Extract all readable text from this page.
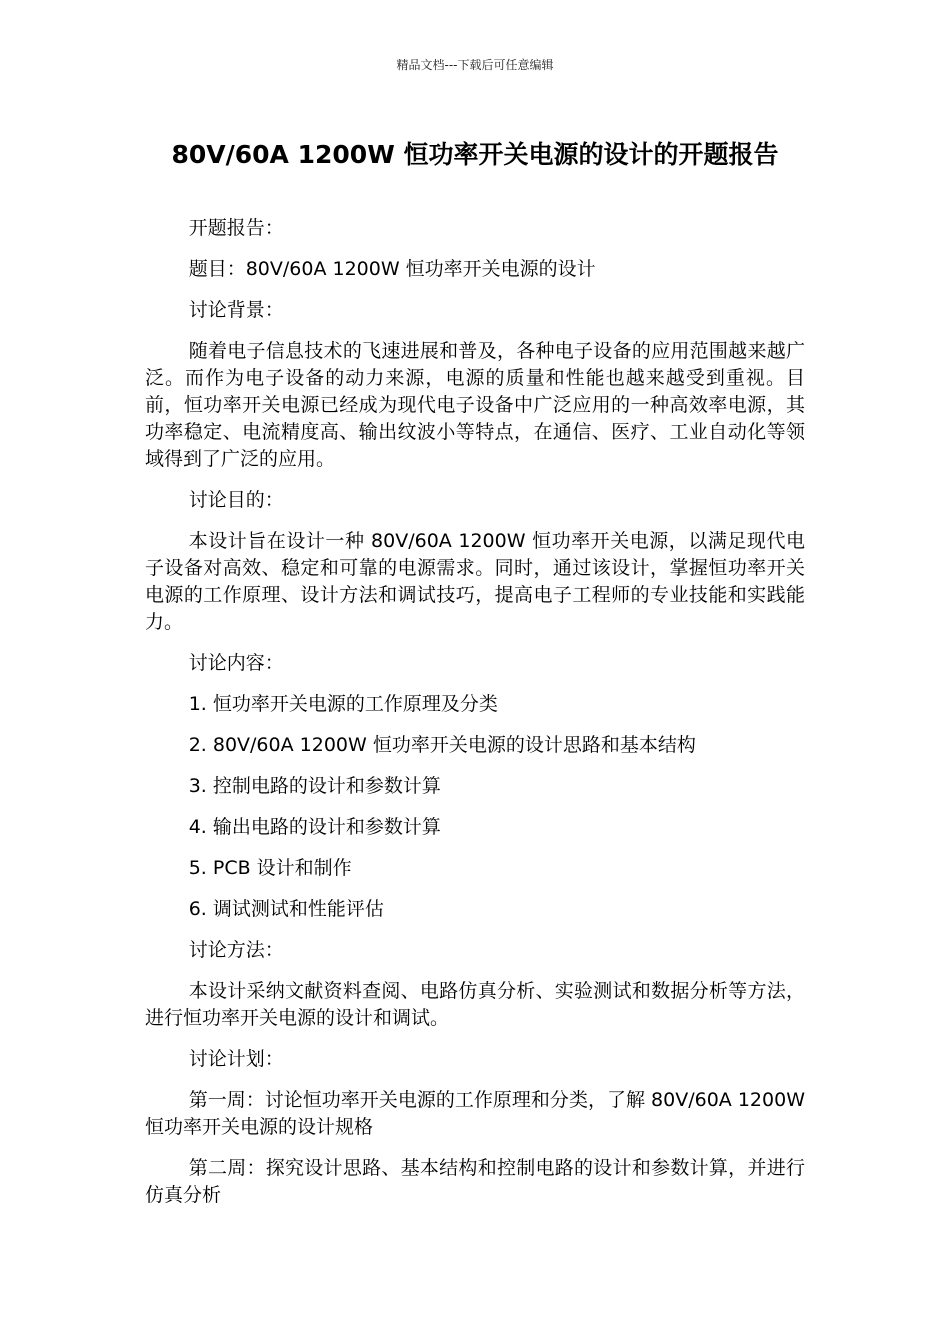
精品文档---下载后可任意编辑
80V/60A 1200W 恒功率开关电源的设计的开题报告

开题报告：

题目：80V/60A 1200W 恒功率开关电源的设计

讨论背景：

随着电子信息技术的飞速进展和普及，各种电子设备的应用范围越来越广泛。而作为电子设备的动力来源，电源的质量和性能也越来越受到重视。目前，恒功率开关电源已经成为现代电子设备中广泛应用的一种高效率电源，其功率稳定、电流精度高、输出纹波小等特点，在通信、医疗、工业自动化等领域得到了广泛的应用。

讨论目的：

本设计旨在设计一种 80V/60A 1200W 恒功率开关电源，以满足现代电子设备对高效、稳定和可靠的电源需求。同时，通过该设计，掌握恒功率开关电源的工作原理、设计方法和调试技巧，提高电子工程师的专业技能和实践能力。

讨论内容：

1. 恒功率开关电源的工作原理及分类

2. 80V/60A 1200W 恒功率开关电源的设计思路和基本结构

3. 控制电路的设计和参数计算

4. 输出电路的设计和参数计算

5. PCB 设计和制作

6. 调试测试和性能评估

讨论方法：

本设计采纳文献资料查阅、电路仿真分析、实验测试和数据分析等方法，进行恒功率开关电源的设计和调试。

讨论计划：

第一周：讨论恒功率开关电源的工作原理和分类，了解 80V/60A 1200W 恒功率开关电源的设计规格

第二周：探究设计思路、基本结构和控制电路的设计和参数计算，并进行仿真分析
